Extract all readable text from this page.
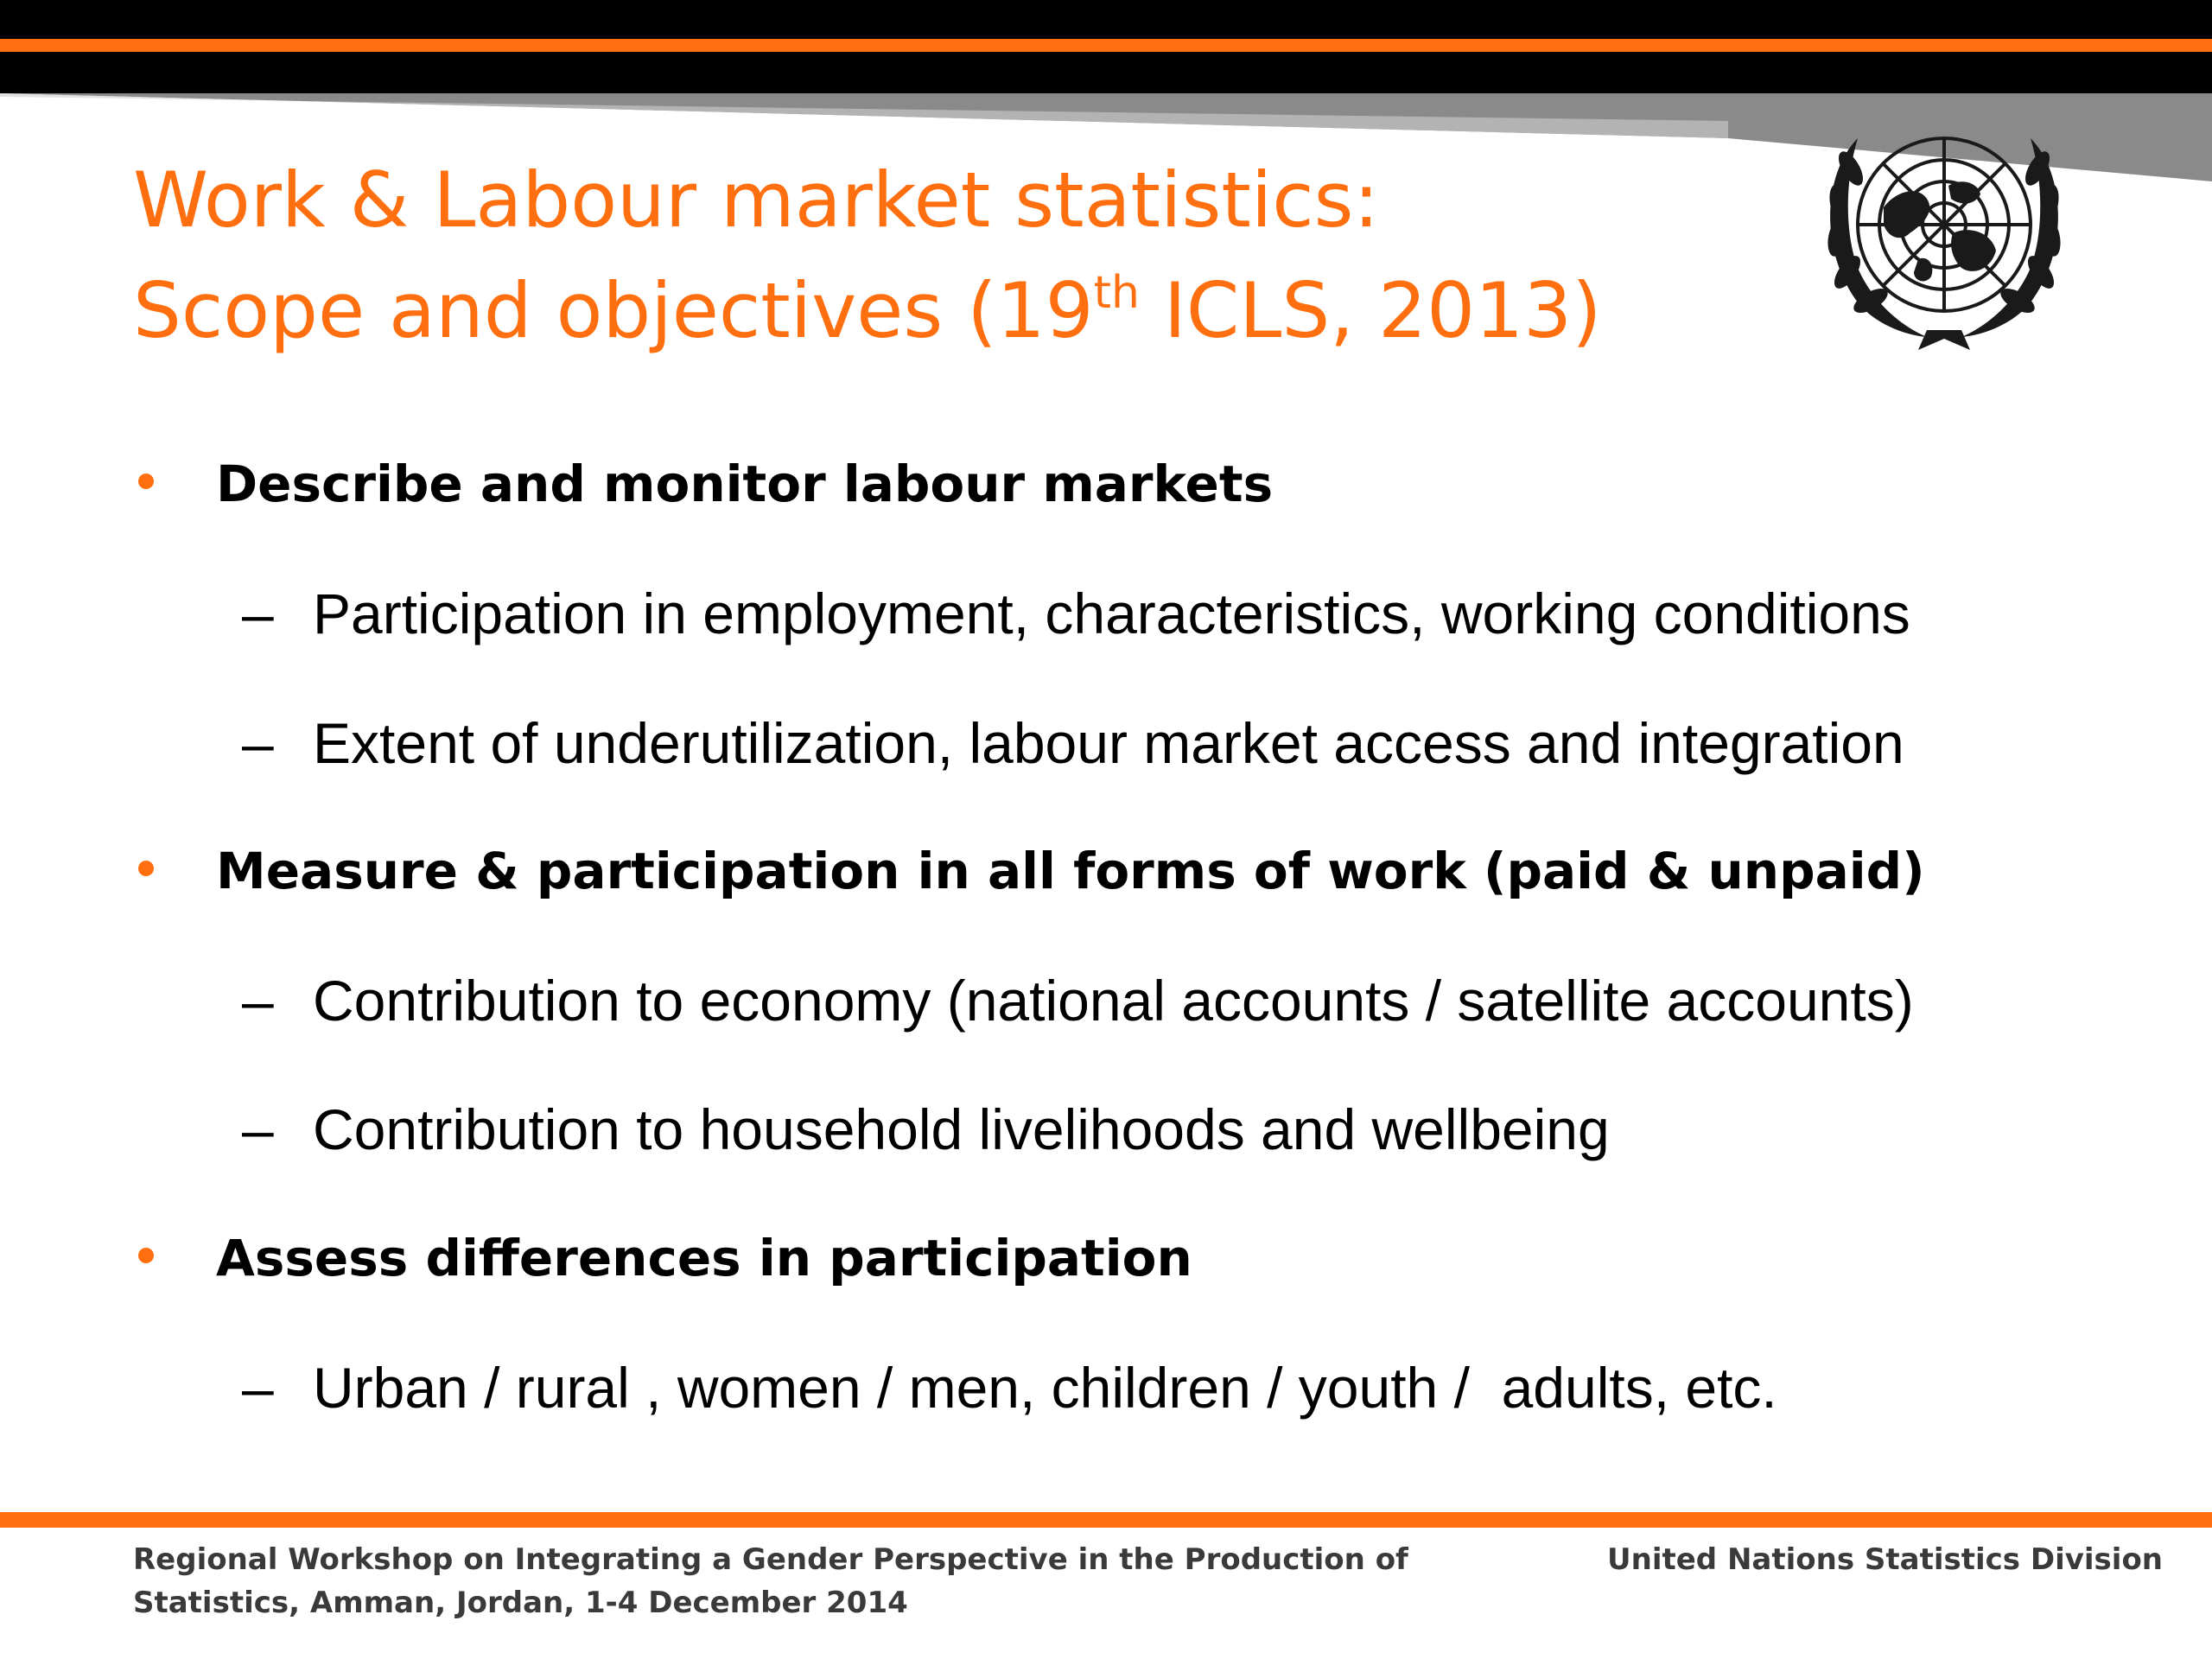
Work & Labour market statistics:
Scope and objectives (19th ICLS, 2013)
Describe and monitor labour markets
– Participation in employment, characteristics, working conditions
– Extent of underutilization, labour market access and integration
Measure & participation in all forms of work (paid & unpaid)
– Contribution to economy (national accounts / satellite accounts)
– Contribution to household livelihoods and wellbeing
Assess differences in participation
– Urban / rural , women / men, children / youth /  adults, etc.
Regional Workshop on Integrating a Gender Perspective in the Production of
Statistics, Amman, Jordan, 1-4 December 2014
United Nations Statistics Division
